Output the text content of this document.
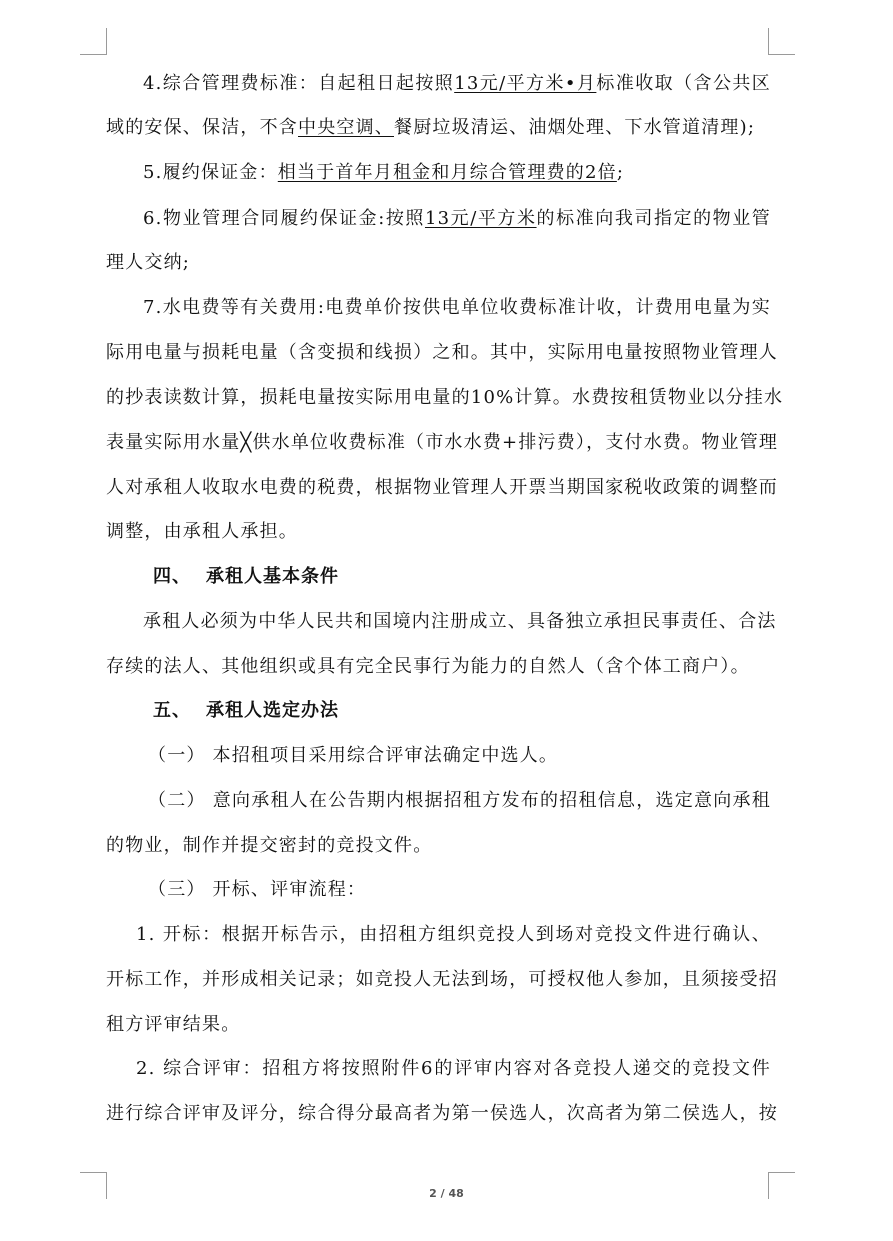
4.综合管理费标准：自起租日起按照13元/平方米•月标准收取（含公共区
域的安保、保洁，不含中央空调、餐厨垃圾清运、油烟处理、下水管道清理);
5.履约保证金：相当于首年月租金和月综合管理费的2倍;
6.物业管理合同履约保证金:按照13元/平方米的标准向我司指定的物业管
理人交纳;
7.水电费等有关费用:电费单价按供电单位收费标准计收，计费用电量为实
际用电量与损耗电量（含变损和线损）之和。其中，实际用电量按照物业管理人
的抄表读数计算，损耗电量按实际用电量的10%计算。水费按租赁物业以分挂水
表量实际用水量╳供水单位收费标准（市水水费+排污费），支付水费。物业管理
人对承租人收取水电费的税费，根据物业管理人开票当期国家税收政策的调整而
调整，由承租人承担。
四、 承租人基本条件
承租人必须为中华人民共和国境内注册成立、具备独立承担民事责任、合法
存续的法人、其他组织或具有完全民事行为能力的自然人（含个体工商户）。
五、 承租人选定办法
（一） 本招租项目采用综合评审法确定中选人。
（二） 意向承租人在公告期内根据招租方发布的招租信息，选定意向承租
的物业，制作并提交密封的竞投文件。
（三） 开标、评审流程：
1. 开标：根据开标告示，由招租方组织竞投人到场对竞投文件进行确认、
开标工作，并形成相关记录；如竞投人无法到场，可授权他人参加，且须接受招
租方评审结果。
2. 综合评审：招租方将按照附件6的评审内容对各竞投人递交的竞投文件
进行综合评审及评分，综合得分最高者为第一侯选人，次高者为第二侯选人，按
2 / 48
